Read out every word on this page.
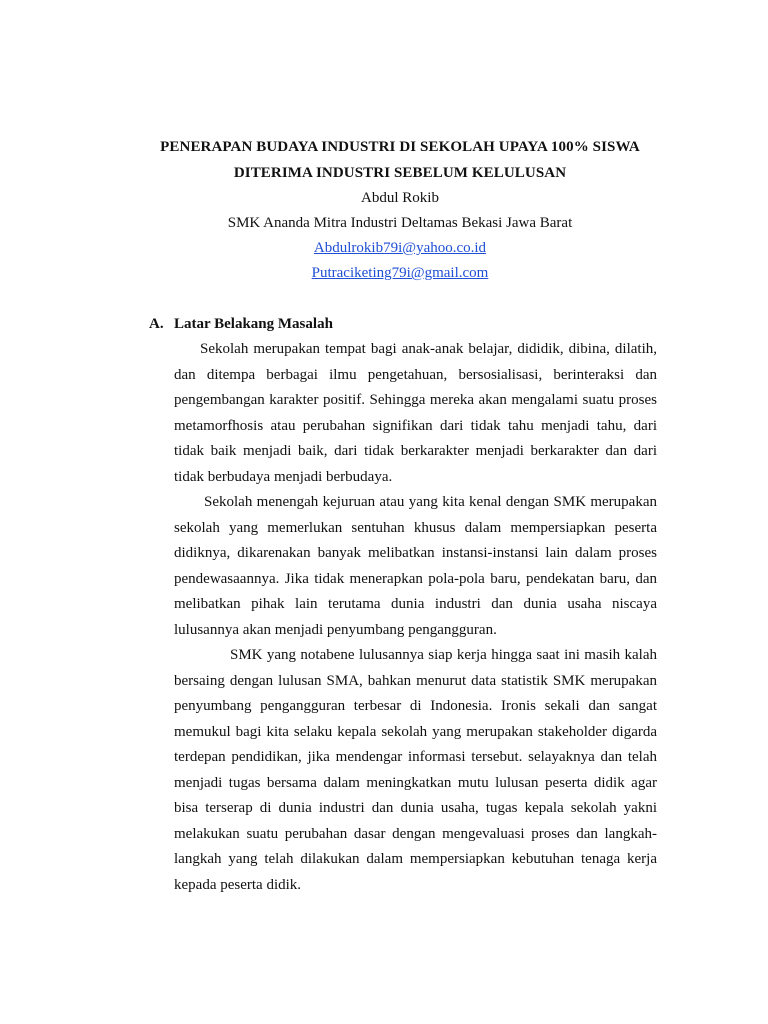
PENERAPAN BUDAYA INDUSTRI DI SEKOLAH UPAYA 100% SISWA
DITERIMA INDUSTRI SEBELUM KELULUSAN
Abdul Rokib
SMK Ananda Mitra Industri Deltamas Bekasi Jawa Barat
Abdulrokib79i@yahoo.co.id
Putraciketing79i@gmail.com
A. Latar Belakang Masalah

Sekolah merupakan tempat bagi anak-anak belajar, dididik, dibina, dilatih, dan ditempa berbagai ilmu pengetahuan, bersosialisasi, berinteraksi dan pengembangan karakter positif. Sehingga mereka akan mengalami suatu proses metamorfhosis atau perubahan signifikan dari tidak tahu menjadi tahu, dari tidak baik menjadi baik, dari tidak berkarakter menjadi berkarakter dan dari tidak berbudaya menjadi berbudaya.

Sekolah menengah kejuruan atau yang kita kenal dengan SMK merupakan sekolah yang memerlukan sentuhan khusus dalam mempersiapkan peserta didiknya, dikarenakan banyak melibatkan instansi-instansi lain dalam proses pendewasaannya. Jika tidak menerapkan pola-pola baru, pendekatan baru, dan melibatkan pihak lain terutama dunia industri dan dunia usaha niscaya lulusannya akan menjadi penyumbang pengangguran.

SMK yang notabene lulusannya siap kerja hingga saat ini masih kalah bersaing dengan lulusan SMA, bahkan menurut data statistik SMK merupakan penyumbang pengangguran terbesar di Indonesia. Ironis sekali dan sangat memukul bagi kita selaku kepala sekolah yang merupakan stakeholder digarda terdepan pendidikan, jika mendengar informasi tersebut. selayaknya dan telah menjadi tugas bersama dalam meningkatkan mutu lulusan peserta didik agar bisa terserap di dunia industri dan dunia usaha, tugas kepala sekolah yakni melakukan suatu perubahan dasar dengan mengevaluasi proses dan langkah-langkah yang telah dilakukan dalam mempersiapkan kebutuhan tenaga kerja kepada peserta didik.
